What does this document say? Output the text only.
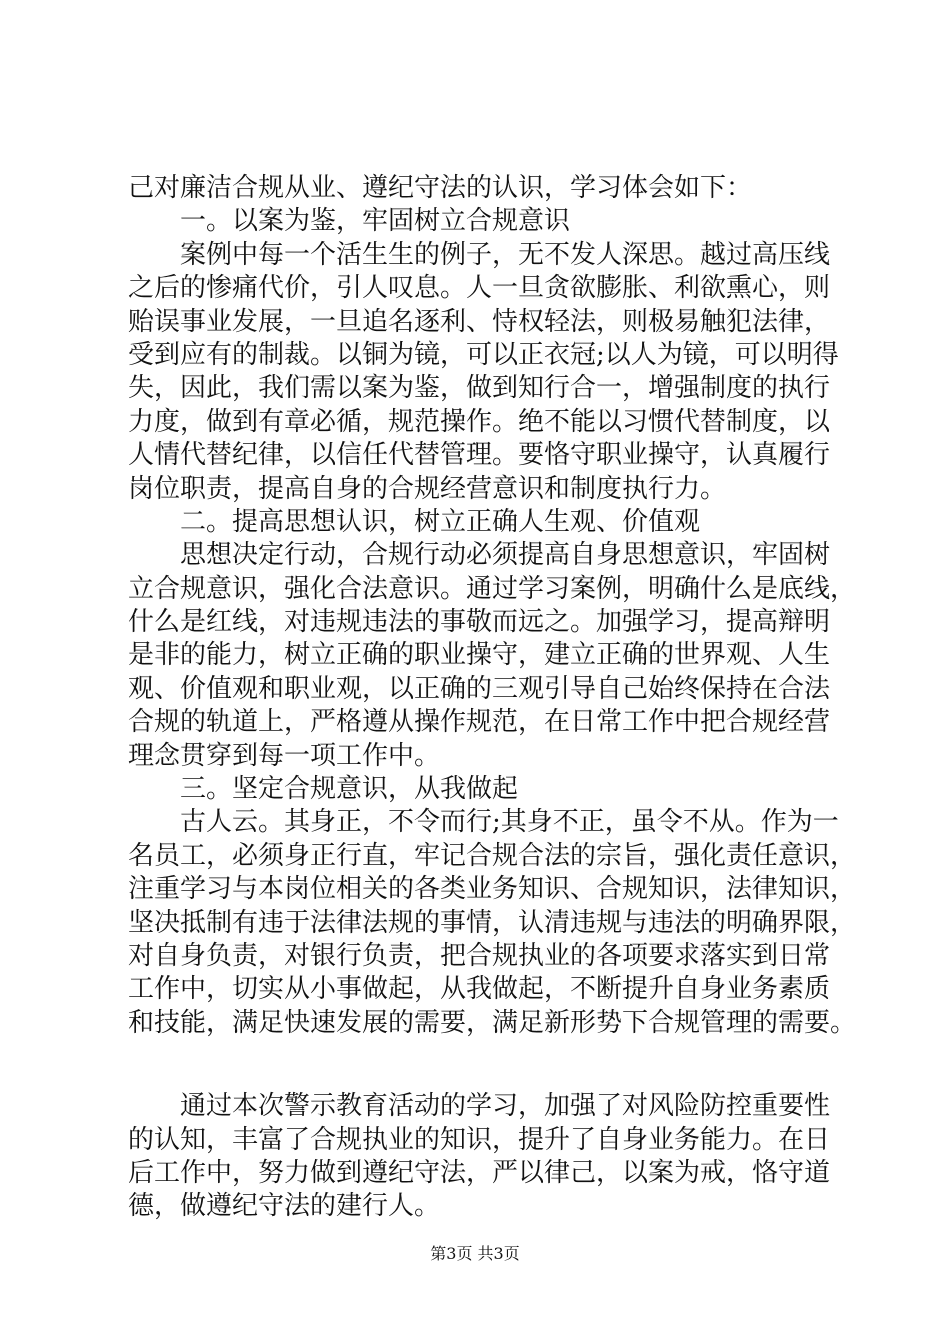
己对廉洁合规从业、遵纪守法的认识，学习体会如下：
一。以案为鉴，牢固树立合规意识
案例中每一个活生生的例子，无不发人深思。越过高压线
之后的惨痛代价，引人叹息。人一旦贪欲膨胀、利欲熏心，则
贻误事业发展，一旦追名逐利、恃权轻法，则极易触犯法律，
受到应有的制裁。以铜为镜，可以正衣冠;以人为镜，可以明得
失，因此，我们需以案为鉴，做到知行合一，增强制度的执行
力度，做到有章必循，规范操作。绝不能以习惯代替制度，以
人情代替纪律，以信任代替管理。要恪守职业操守，认真履行
岗位职责，提高自身的合规经营意识和制度执行力。
二。提高思想认识，树立正确人生观、价值观
思想决定行动，合规行动必须提高自身思想意识，牢固树
立合规意识，强化合法意识。通过学习案例，明确什么是底线，
什么是红线，对违规违法的事敬而远之。加强学习，提高辩明
是非的能力，树立正确的职业操守，建立正确的世界观、人生
观、价值观和职业观，以正确的三观引导自己始终保持在合法
合规的轨道上，严格遵从操作规范，在日常工作中把合规经营
理念贯穿到每一项工作中。
三。坚定合规意识，从我做起
古人云。其身正，不令而行;其身不正，虽令不从。作为一
名员工，必须身正行直，牢记合规合法的宗旨，强化责任意识，
注重学习与本岗位相关的各类业务知识、合规知识，法律知识，
坚决抵制有违于法律法规的事情，认清违规与违法的明确界限，
对自身负责，对银行负责，把合规执业的各项要求落实到日常
工作中，切实从小事做起，从我做起，不断提升自身业务素质
和技能，满足快速发展的需要，满足新形势下合规管理的需要。
通过本次警示教育活动的学习，加强了对风险防控重要性
的认知，丰富了合规执业的知识，提升了自身业务能力。在日
后工作中，努力做到遵纪守法，严以律己，以案为戒，恪守道
德，做遵纪守法的建行人。
第3页 共3页
